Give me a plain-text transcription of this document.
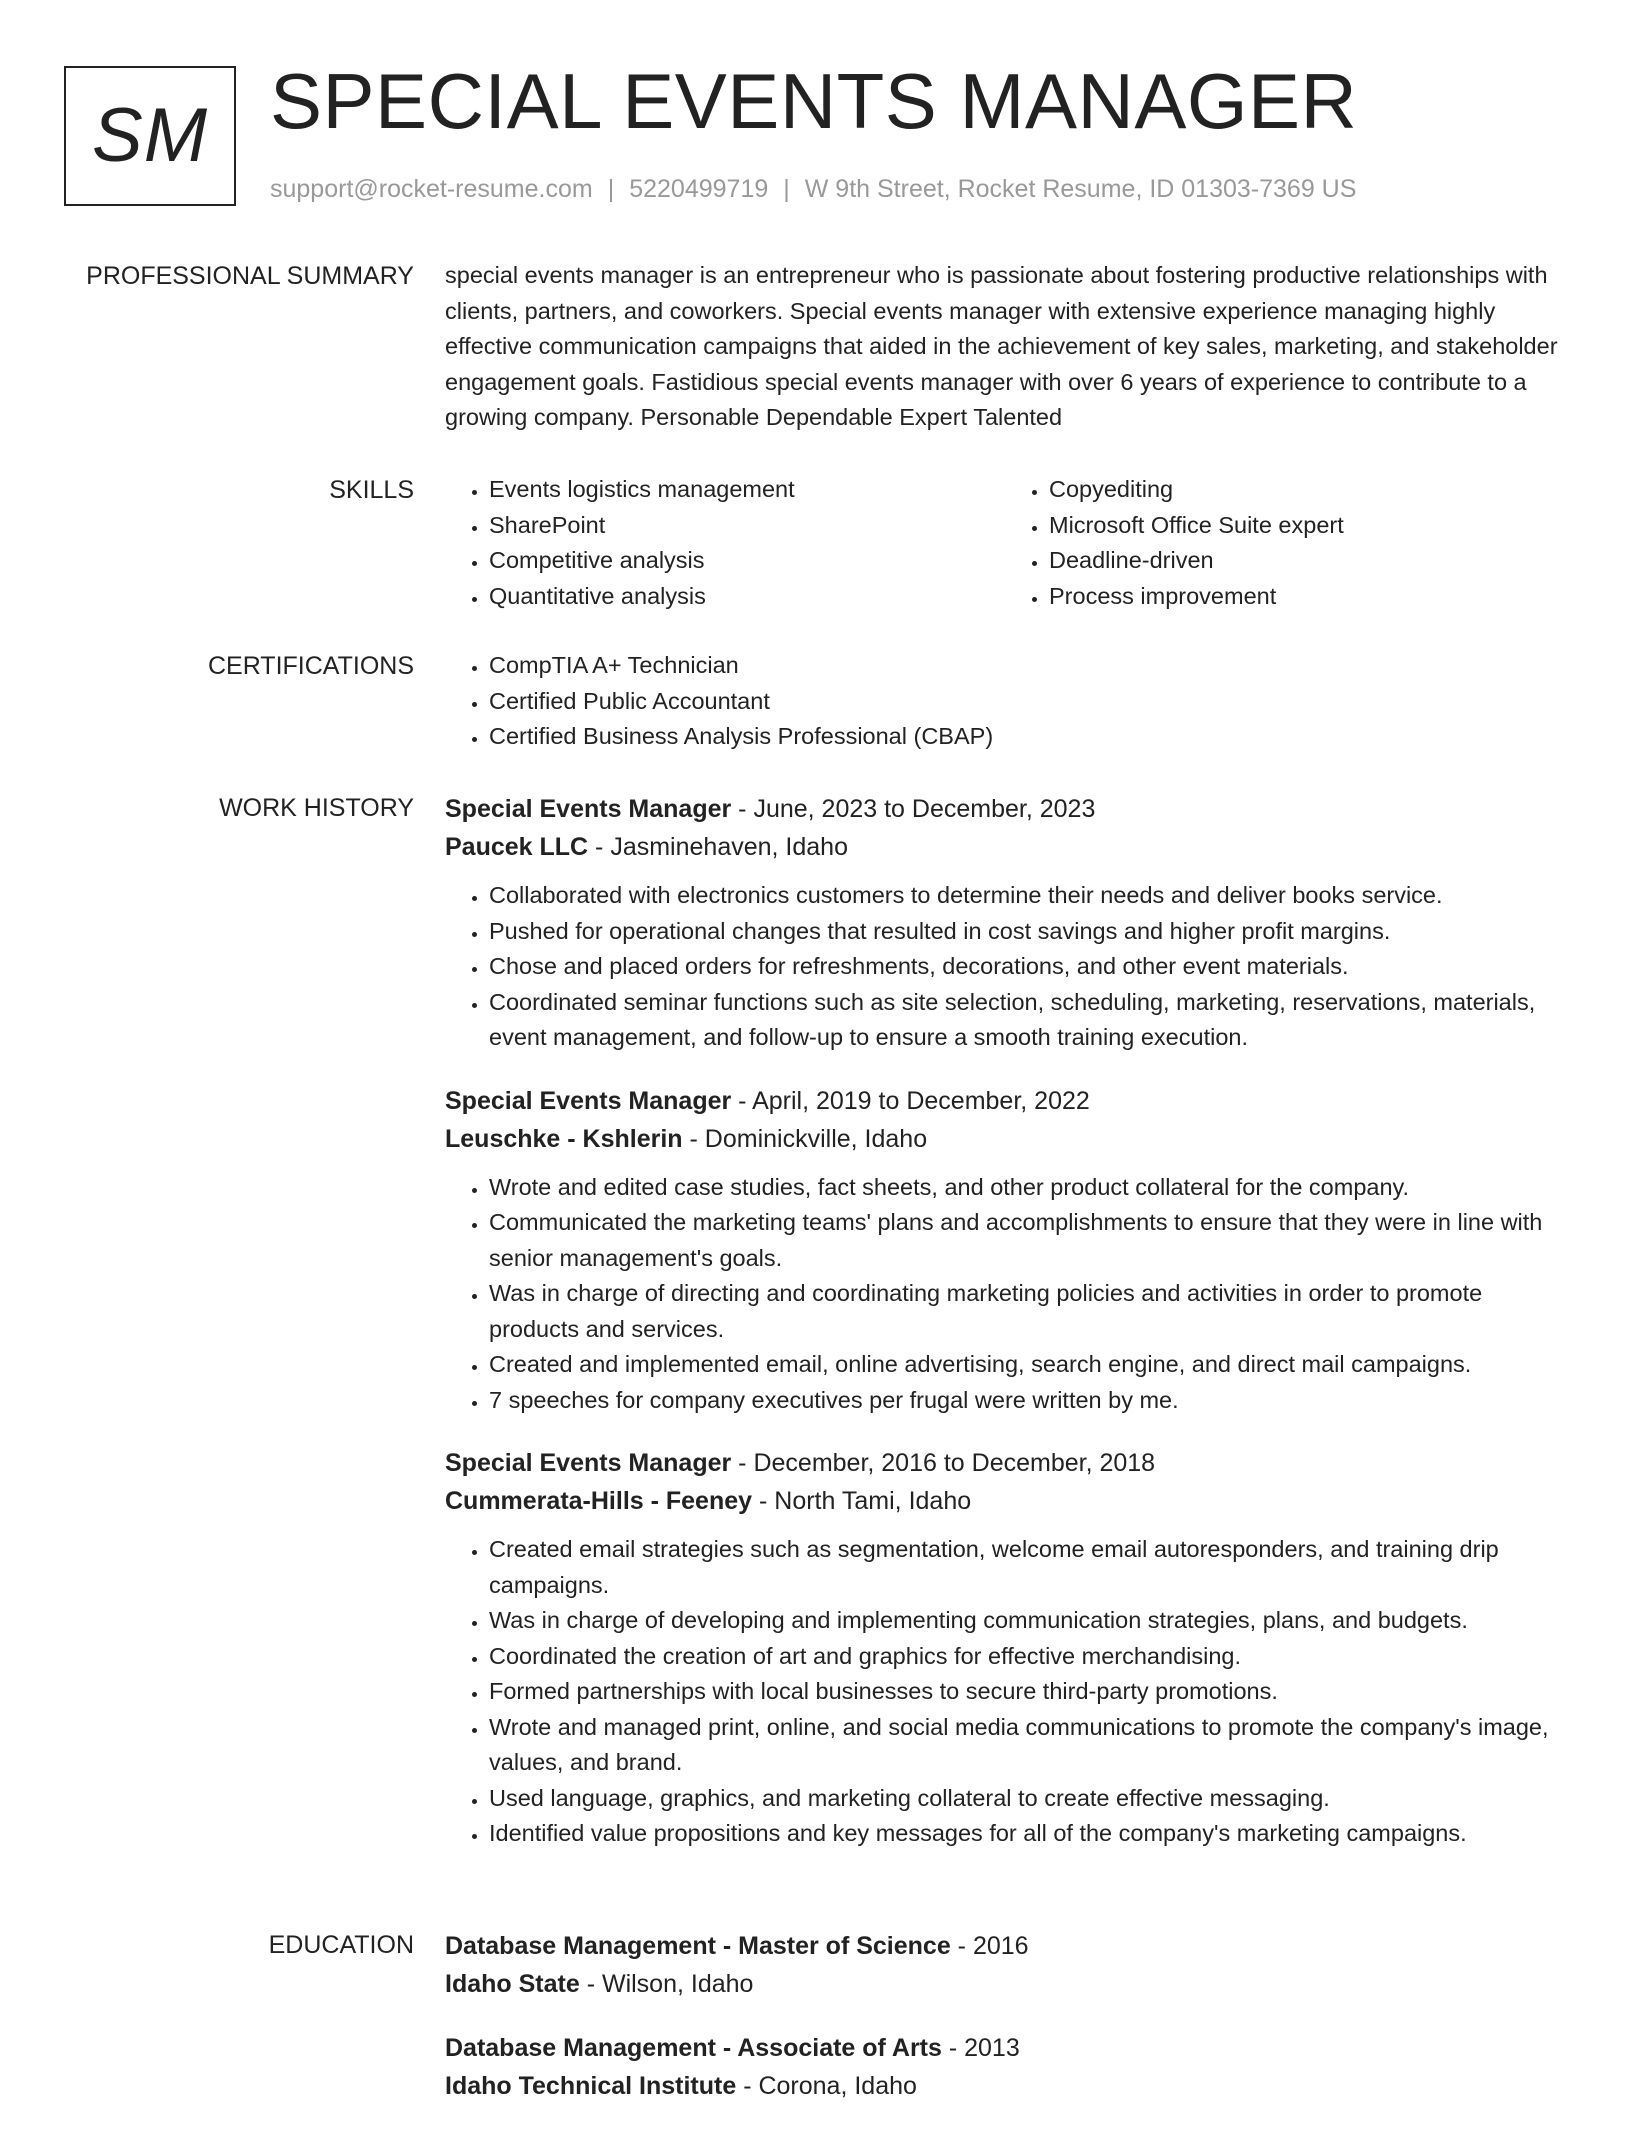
SM SPECIAL EVENTS MANAGER
support@rocket-resume.com | 5220499719 | W 9th Street, Rocket Resume, ID 01303-7369 US
PROFESSIONAL SUMMARY special events manager is an entrepreneur who is passionate about fostering productive relationships with clients, partners, and coworkers. Special events manager with extensive experience managing highly effective communication campaigns that aided in the achievement of key sales, marketing, and stakeholder engagement goals. Fastidious special events manager with over 6 years of experience to contribute to a growing company. Personable Dependable Expert Talented

SKILLS	• Events logistics management
• SharePoint
• Competitive analysis
• Quantitative analysis
• Copyediting
• Microsoft Office Suite expert
• Deadline-driven
• Process improvement
CERTIFICATIONS	• CompTIA A+ Technician
• Certified Public Accountant
• Certified Business Analysis Professional (CBAP)
WORK HISTORY Special Events Manager - June, 2023 to December, 2023
Paucek LLC - Jasminehaven, Idaho
• Collaborated with electronics customers to determine their needs and deliver books service.
• Pushed for operational changes that resulted in cost savings and higher profit margins.
• Chose and placed orders for refreshments, decorations, and other event materials.
• Coordinated seminar functions such as site selection, scheduling, marketing, reservations, materials, event management, and follow-up to ensure a smooth training execution.
Special Events Manager - April, 2019 to December, 2022
Leuschke - Kshlerin - Dominickville, Idaho
• Wrote and edited case studies, fact sheets, and other product collateral for the company.
• Communicated the marketing teams' plans and accomplishments to ensure that they were in line with senior management's goals.
• Was in charge of directing and coordinating marketing policies and activities in order to promote products and services.
• Created and implemented email, online advertising, search engine, and direct mail campaigns.
• 7 speeches for company executives per frugal were written by me.
Special Events Manager - December, 2016 to December, 2018
Cummerata-Hills - Feeney - North Tami, Idaho
• Created email strategies such as segmentation, welcome email autoresponders, and training drip campaigns.
• Was in charge of developing and implementing communication strategies, plans, and budgets.
• Coordinated the creation of art and graphics for effective merchandising.
• Formed partnerships with local businesses to secure third-party promotions.
• Wrote and managed print, online, and social media communications to promote the company's image, values, and brand.
• Used language, graphics, and marketing collateral to create effective messaging.
• Identified value propositions and key messages for all of the company's marketing campaigns.
EDUCATION Database Management - Master of Science - 2016
Idaho State - Wilson, Idaho
Database Management - Associate of Arts - 2013
Idaho Technical Institute - Corona, Idaho
